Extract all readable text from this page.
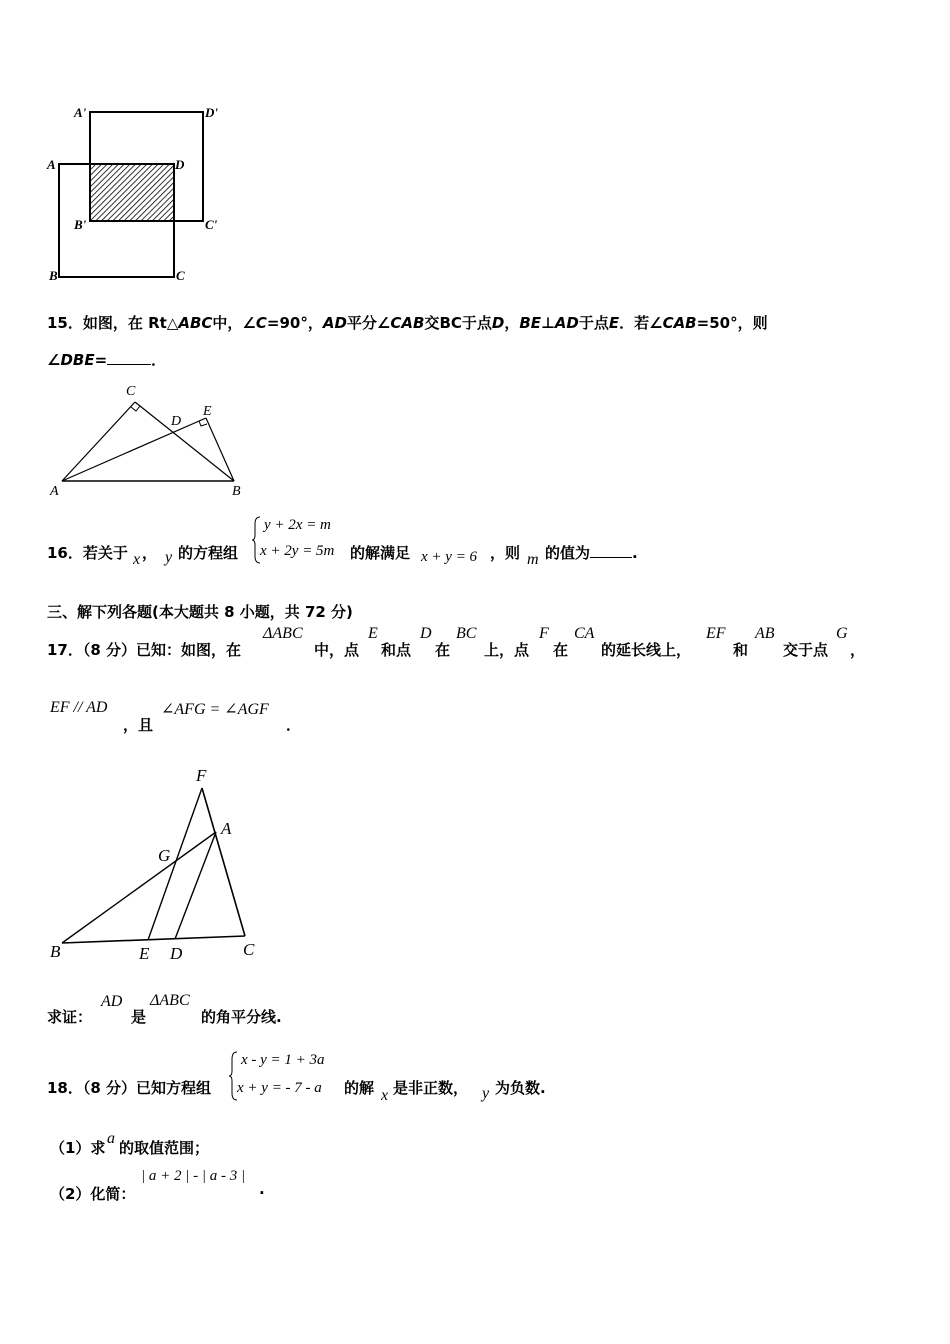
A'	D'
A	D
B'	C'
B	C
15．如图，在 Rt△ABC中，∠C=90°，AD平分∠CAB交BC于点D，BE⊥AD于点E．若∠CAB=50°，则
∠DBE=	．
C
D
E
A	B
16．若关于 x ， y 的方程组
y + 2x = m
x + 2y = 5m 的解满足 x + y = 6 ，则 m 的值为	.
三、解下列各题(本大题共 8 小题，共 72 分)
17．（8 分）已知：如图，在
ΔABC
中，点
E
和点
D
在
BC
上，点
F
在
CA
的延长线上，
EF
和
AB
交于点
G
，
EF // AD
，且
∠AFG = ∠AGF
．
F
A
G
B	E D	C
求证：
AD
是
ΔABC
的角平分线.
18．（8 分）已知方程组
x - y = 1 + 3a
x + y = - 7 - a 的解 x 是非正数， y 为负数.
（1）求
a
的取值范围；
（2）化简：
| a + 2 | - | a - 3 |
.
